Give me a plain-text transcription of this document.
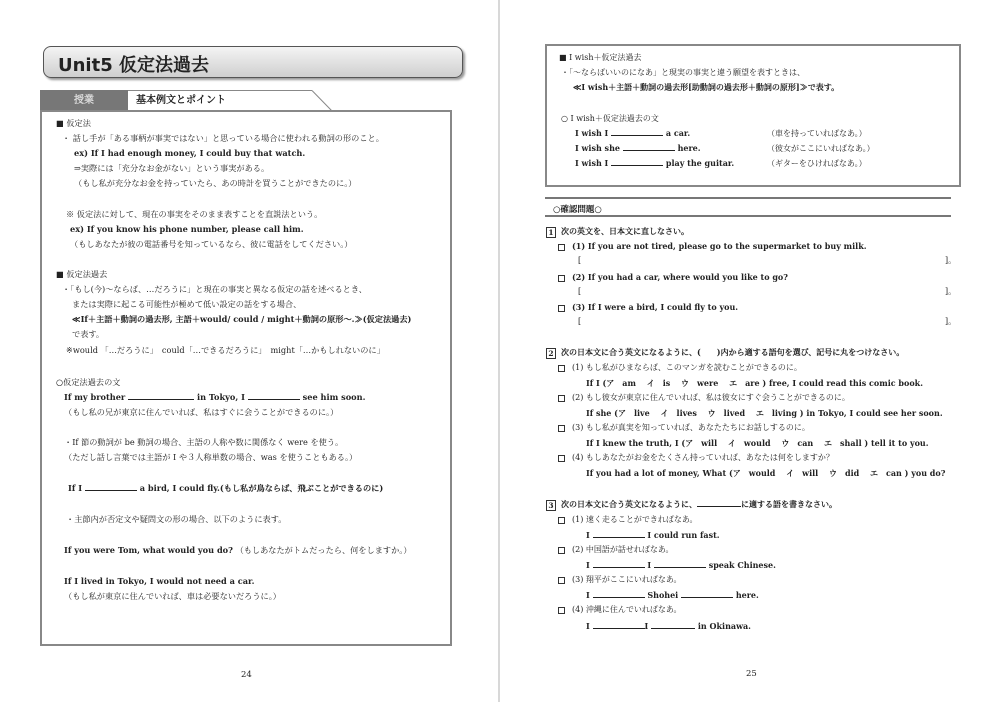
Unit5 仮定法過去
授業	基本例文とポイント
■ 仮定法
・ 話し手が「ある事柄が事実ではない」と思っている場合に使われる動詞の形のこと。
ex) If I had enough money, I could buy that watch.
⇒実際には「充分なお金がない」という事実がある。
（もし私が充分なお金を持っていたら、あの時計を買うことができたのに。）
※ 仮定法に対して、現在の事実をそのまま表すことを直説法という。
ex) If you know his phone number, please call him.
（もしあなたが彼の電話番号を知っているなら、彼に電話をしてください。）
■ 仮定法過去
・「もし(今)～ならば、…だろうに」と現在の事実と異なる仮定の話を述べるとき、
または実際に起こる可能性が極めて低い設定の話をする場合、
≪If＋主語＋動詞の過去形, 主語＋would/ could / might＋動詞の原形～.≫(仮定法過去)
で表す。
※would 「…だろうに」　could「…できるだろうに」　might「…かもしれないのに」
○仮定法過去の文
If my brother	in Tokyo, I	see him soon.
（もし私の兄が東京に住んでいれば、私はすぐに会うことができるのに。）
・If 節の動詞が be 動詞の場合、主語の人称や数に関係なく were を使う。
（ただし話し言葉では主語が I や３人称単数の場合、was を使うこともある。）
If I	a bird, I could fly.(もし私が鳥ならば、飛ぶことができるのに)
・主節内が否定文や疑問文の形の場合、以下のように表す。
If you were Tom, what would you do? （もしあなたがトムだったら、何をしますか。）
If I lived in Tokyo, I would not need a car.
（もし私が東京に住んでいれば、車は必要ないだろうに。）
24
■ I wish＋仮定法過去
・「～ならばいいのになあ」と現実の事実と違う願望を表すときは、
≪I wish＋主語＋動詞の過去形[助動詞の過去形＋動詞の原形]≫で表す。
○ I wish＋仮定法過去の文
I wish I	a car.	（車を持っていればなあ。）
I wish she	here.	（彼女がここにいればなあ。）
I wish I	play the guitar.	（ギターをひければなあ。）
○確認問題○
1 次の英文を、日本文に直しなさい。
(1) If you are not tired, please go to the supermarket to buy milk.
[	]。
(2) If you had a car, where would you like to go?
[	]。
(3) If I were a bird, I could fly to you.
[	]。
2 次の日本文に合う英文になるように、(　　)内から適する語句を選び、記号に丸をつけなさい。
(1) もし私がひまならば、このマンガを読むことができるのに。
If I (ア　am　 イ　is　 ウ　were　 エ　are ) free, I could read this comic book.
(2) もし彼女が東京に住んでいれば、私は彼女にすぐ会うことができるのに。
If she (ア　live　 イ　lives　 ウ　lived　 エ　living ) in Tokyo, I could see her soon.
(3) もし私が真実を知っていれば、あなたたちにお話しするのに。
If I knew the truth, I (ア　will　 イ　would　 ウ　can　 エ　shall ) tell it to you.
(4) もしあなたがお金をたくさん持っていれば、あなたは何をしますか？
If you had a lot of money, What (ア　would　 イ　will　 ウ　did　 エ　can ) you do?
3 次の日本文に合う英文になるように、	に適する語を書きなさい。
(1) 速く走ることができればなあ。
I	I could run fast.
(2) 中国語が話せればなあ。
I	I	speak Chinese.
(3) 翔平がここにいればなあ。
I	Shohei	here.
(4) 沖縄に住んでいればなあ。
I	I	in Okinawa.
25
